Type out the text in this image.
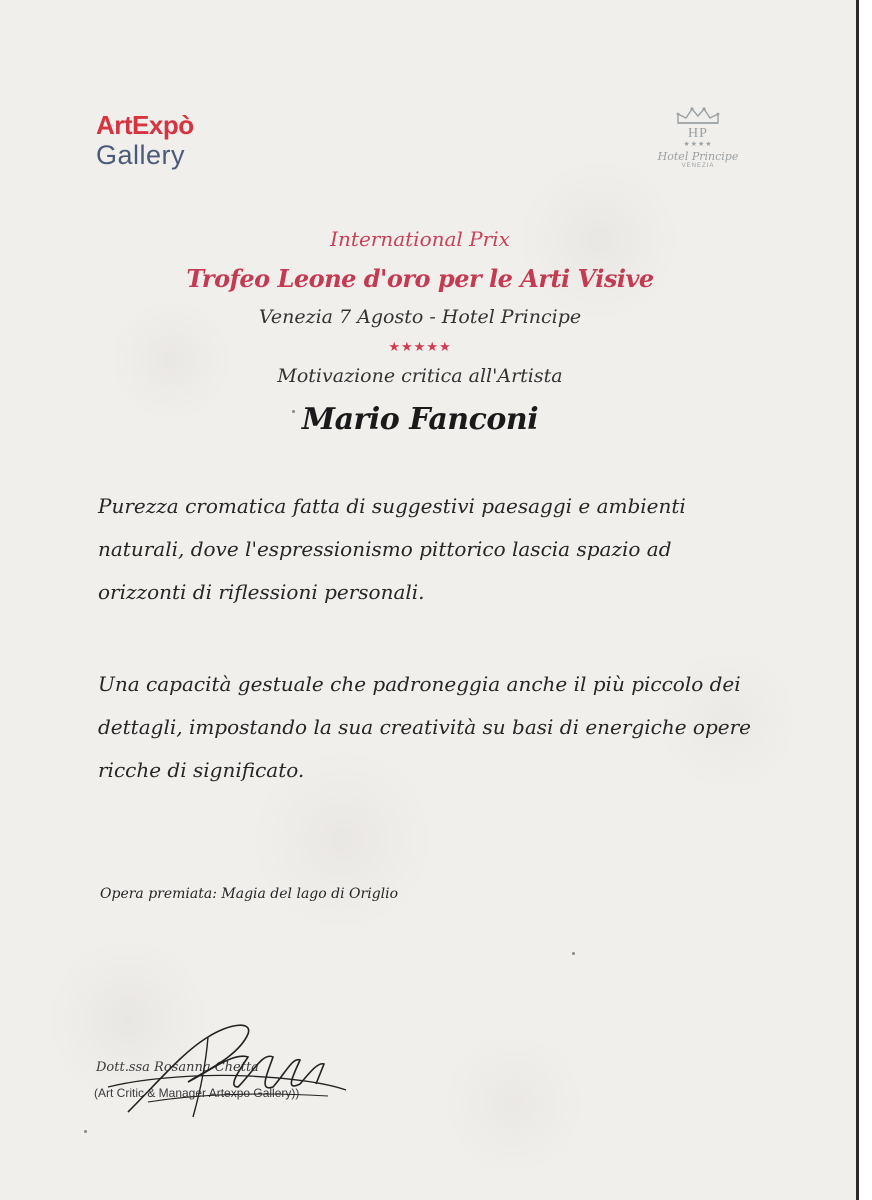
ArtExpò
Gallery
HP
★★★★
Hotel Principe
VENEZIA
International Prix
Trofeo Leone d'oro per le Arti Visive
Venezia 7 Agosto - Hotel Principe
★★★★★
Motivazione critica all'Artista
Mario Fanconi
Purezza cromatica fatta di suggestivi paesaggi e ambienti naturali, dove l'espressionismo pittorico lascia spazio ad orizzonti di riflessioni personali.
Una capacità gestuale che padroneggia anche il più piccolo dei dettagli, impostando la sua creatività su basi di energiche opere ricche di significato.
Opera premiata: Magia del lago di Origlio
Dott.ssa Rosanna Chetta
(Art Critic & Manager Artexpo Gallery))
